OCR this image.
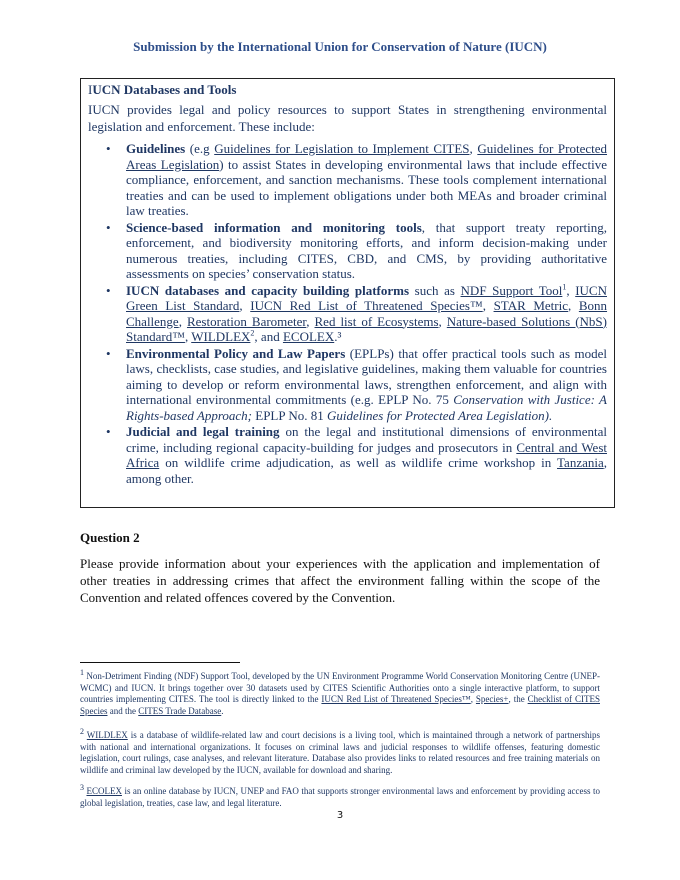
Submission by the International Union for Conservation of Nature (IUCN)
IUCN Databases and Tools

IUCN provides legal and policy resources to support States in strengthening environmental legislation and enforcement. These include:

• Guidelines (e.g Guidelines for Legislation to Implement CITES, Guidelines for Protected Areas Legislation) to assist States in developing environmental laws that include effective compliance, enforcement, and sanction mechanisms. These tools complement international treaties and can be used to implement obligations under both MEAs and broader criminal law treaties.
• Science-based information and monitoring tools, that support treaty reporting, enforcement, and biodiversity monitoring efforts, and inform decision-making under numerous treaties, including CITES, CBD, and CMS, by providing authoritative assessments on species’ conservation status.
• IUCN databases and capacity building platforms such as NDF Support Tool$^1$, IUCN Green List Standard, IUCN Red List of Threatened Species™, STAR Metric, Bonn Challenge, Restoration Barometer, Red list of Ecosystems, Nature-based Solutions (NbS) Standard™, WILDLEX$^2$, and ECOLEX.³
• Environmental Policy and Law Papers (EPLPs) that offer practical tools such as model laws, checklists, case studies, and legislative guidelines, making them valuable for countries aiming to develop or reform environmental laws, strengthen enforcement, and align with international environmental commitments (e.g. EPLP No. 75 Conservation with Justice: A Rights-based Approach; EPLP No. 81 Guidelines for Protected Area Legislation).
• Judicial and legal training on the legal and institutional dimensions of environmental crime, including regional capacity-building for judges and prosecutors in Central and West Africa on wildlife crime adjudication, as well as wildlife crime workshop in Tanzania, among other.
Question 2

Please provide information about your experiences with the application and implementation of other treaties in addressing crimes that affect the environment falling within the scope of the Convention and related offences covered by the Convention.

$^1$ Non-Detriment Finding (NDF) Support Tool, developed by the UN Environment Programme World Conservation Monitoring Centre (UNEP-WCMC) and IUCN. It brings together over 30 datasets used by CITES Scientific Authorities onto a single interactive platform, to support countries implementing CITES. The tool is directly linked to the IUCN Red List of Threatened Species™, Species+, the Checklist of CITES Species and the CITES Trade Database.

$^2$ WILDLEX is a database of wildlife-related law and court decisions is a living tool, which is maintained through a network of partnerships with national and international organizations. It focuses on criminal laws and judicial responses to wildlife offenses, featuring domestic legislation, court rulings, case analyses, and relevant literature. Database also provides links to related resources and free training materials on wildlife and criminal law developed by the IUCN, available for download and sharing.

$^3$ ECOLEX is an online database by IUCN, UNEP and FAO that supports stronger environmental laws and enforcement by providing access to global legislation, treaties, case law, and legal literature.

3
